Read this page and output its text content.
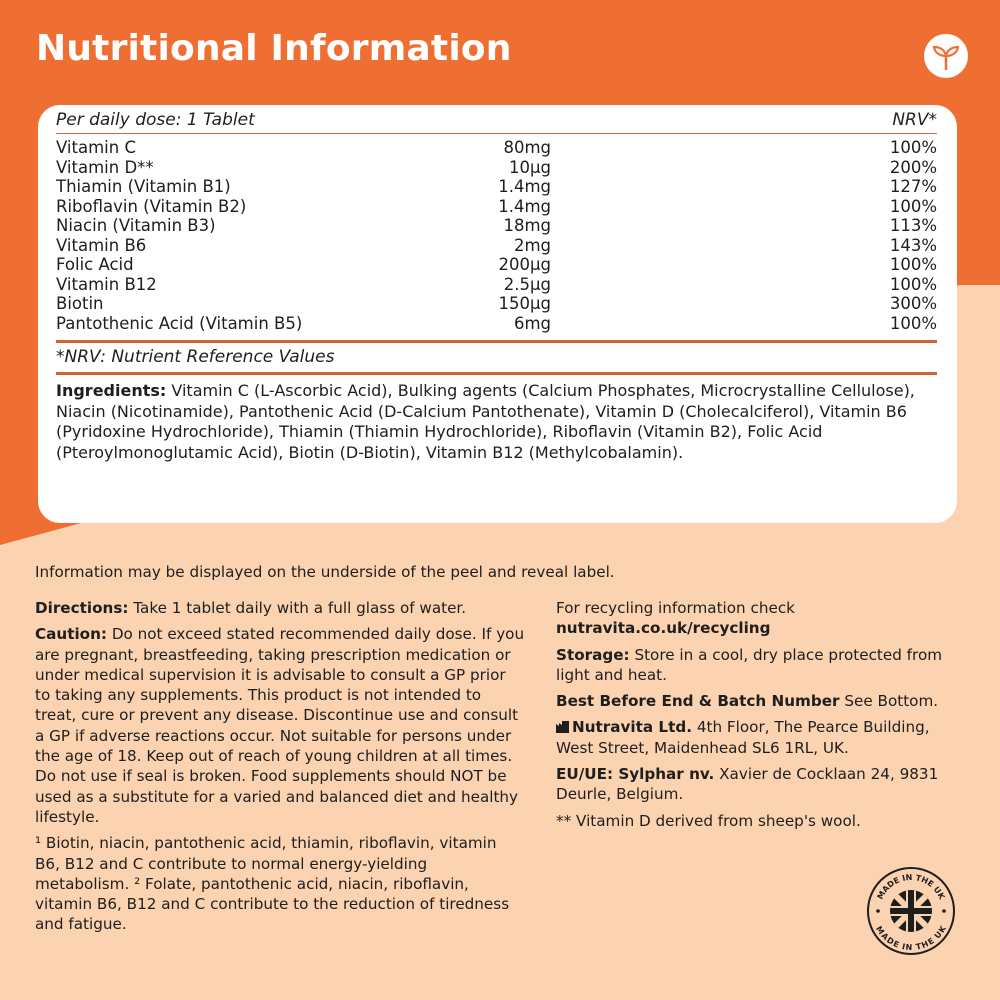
Nutritional Information
Per daily dose: 1 Tablet	NRV*
Vitamin C	80mg	100%
Vitamin D**	10µg	200%
Thiamin (Vitamin B1)	1.4mg	127%
Riboflavin (Vitamin B2)	1.4mg	100%
Niacin (Vitamin B3)	18mg	113%
Vitamin B6	2mg	143%
Folic Acid	200µg	100%
Vitamin B12	2.5µg	100%
Biotin	150µg	300%
Pantothenic Acid (Vitamin B5)	6mg	100%
*NRV: Nutrient Reference Values
Ingredients: Vitamin C (L-Ascorbic Acid), Bulking agents (Calcium Phosphates, Microcrystalline Cellulose), Niacin (Nicotinamide), Pantothenic Acid (D-Calcium Pantothenate), Vitamin D (Cholecalciferol), Vitamin B6 (Pyridoxine Hydrochloride), Thiamin (Thiamin Hydrochloride), Riboflavin (Vitamin B2), Folic Acid (Pteroylmonoglutamic Acid), Biotin (D-Biotin), Vitamin B12 (Methylcobalamin).
Information may be displayed on the underside of the peel and reveal label.

Directions: Take 1 tablet daily with a full glass of water.

Caution: Do not exceed stated recommended daily dose. If you are pregnant, breastfeeding, taking prescription medication or under medical supervision it is advisable to consult a GP prior to taking any supplements. This product is not intended to treat, cure or prevent any disease. Discontinue use and consult a GP if adverse reactions occur. Not suitable for persons under the age of 18. Keep out of reach of young children at all times. Do not use if seal is broken. Food supplements should NOT be used as a substitute for a varied and balanced diet and healthy lifestyle.

¹ Biotin, niacin, pantothenic acid, thiamin, riboflavin, vitamin B6, B12 and C contribute to normal energy-yielding metabolism. ² Folate, pantothenic acid, niacin, riboflavin, vitamin B6, B12 and C contribute to the reduction of tiredness and fatigue.

For recycling information check
nutravita.co.uk/recycling

Storage: Store in a cool, dry place protected from light and heat.

Best Before End & Batch Number See Bottom.

Nutravita Ltd. 4th Floor, The Pearce Building, West Street, Maidenhead SL6 1RL, UK.

EU/UE: Sylphar nv. Xavier de Cocklaan 24, 9831 Deurle, Belgium.

** Vitamin D derived from sheep's wool.

MADE IN THE UK
MADE IN THE UK
